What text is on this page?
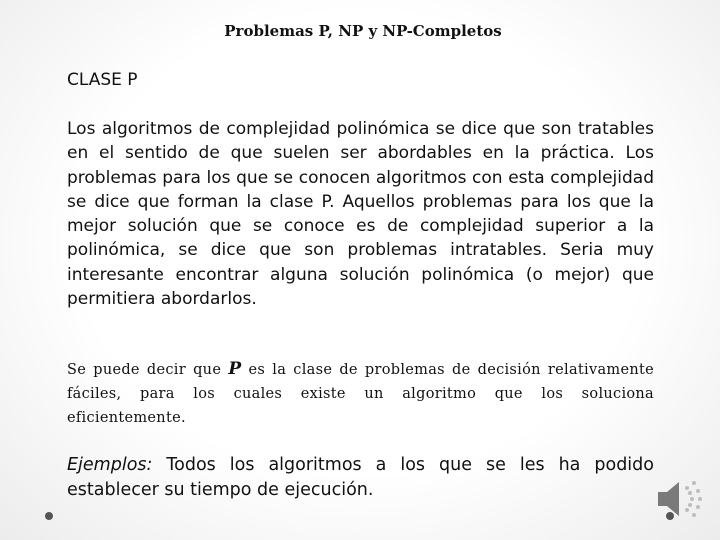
Problemas P, NP y NP-Completos
CLASE P
Los algoritmos de complejidad polinómica se dice que son tratables en el sentido de que suelen ser abordables en la práctica. Los problemas para los que se conocen algoritmos con esta complejidad se dice que forman la clase P. Aquellos problemas para los que la mejor solución que se conoce es de complejidad superior a la polinómica, se dice que son problemas intratables. Seria muy interesante encontrar alguna solución polinómica (o mejor) que permitiera abordarlos.
Se puede decir que P es la clase de problemas de decisión relativamente fáciles, para los cuales existe un algoritmo que los soluciona eficientemente.
Ejemplos: Todos los algoritmos a los que se les ha podido establecer su tiempo de ejecución.
